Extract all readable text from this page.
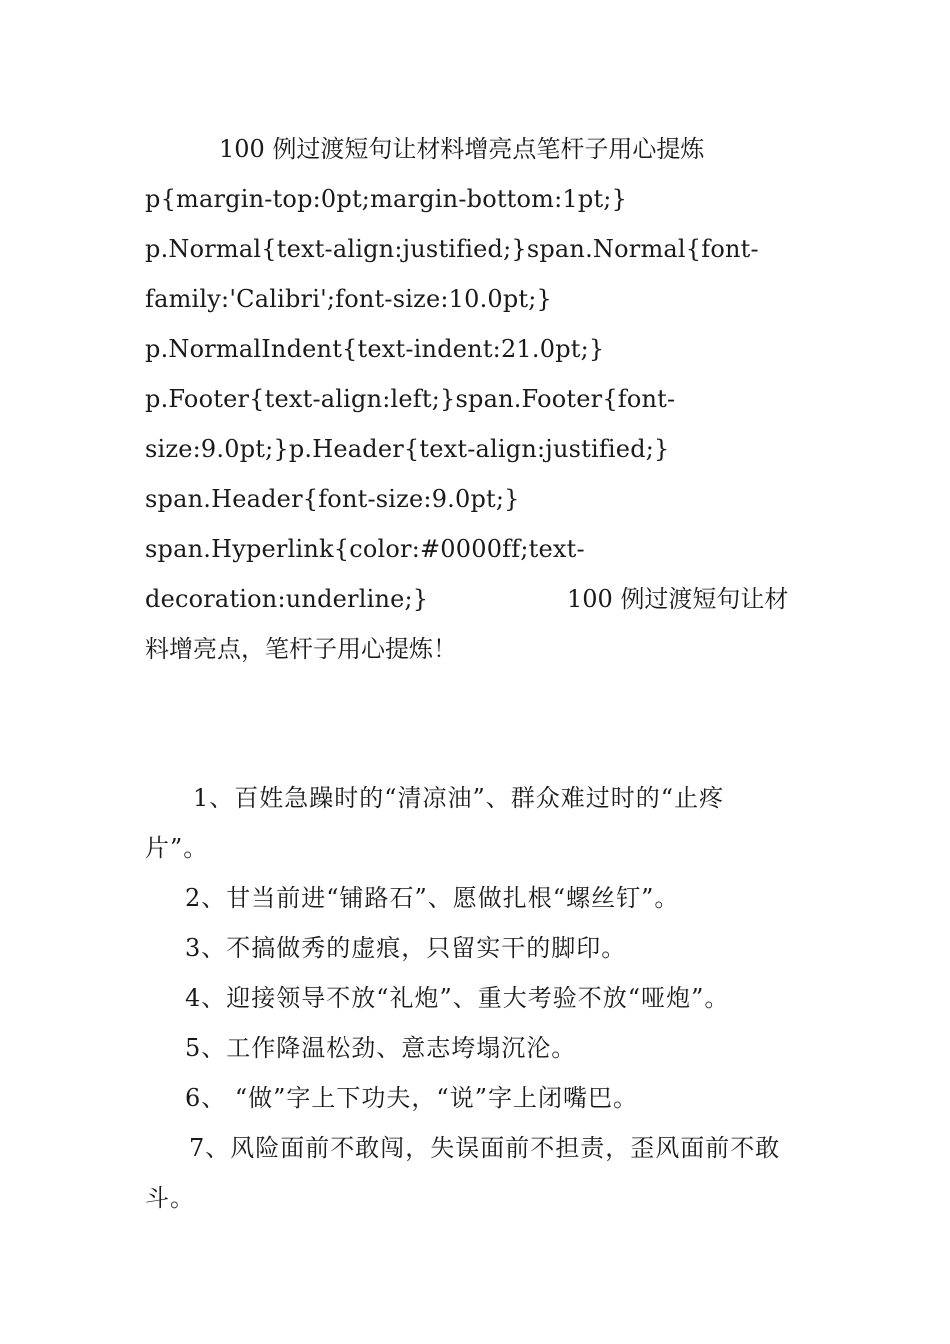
100 例过渡短句让材料增亮点笔杆子用心提炼
p{margin-top:0pt;margin-bottom:1pt;}
p.Normal{text-align:justified;}span.Normal{font-
family:'Calibri';font-size:10.0pt;}
p.NormalIndent{text-indent:21.0pt;}
p.Footer{text-align:left;}span.Footer{font-
size:9.0pt;}p.Header{text-align:justified;}
span.Header{font-size:9.0pt;}
span.Hyperlink{color:#0000ff;text-
decoration:underline;}	100 例过渡短句让材
料增亮点，笔杆子用心提炼！
1、百姓急躁时的“清凉油”、群众难过时的“止疼
片”。
2、甘当前进“铺路石”、愿做扎根“螺丝钉”。
3、不搞做秀的虚痕，只留实干的脚印。
4、迎接领导不放“礼炮”、重大考验不放“哑炮”。
5、工作降温松劲、意志垮塌沉沦。
6、 “做”字上下功夫，“说”字上闭嘴巴。
7、风险面前不敢闯，失误面前不担责，歪风面前不敢
斗。
